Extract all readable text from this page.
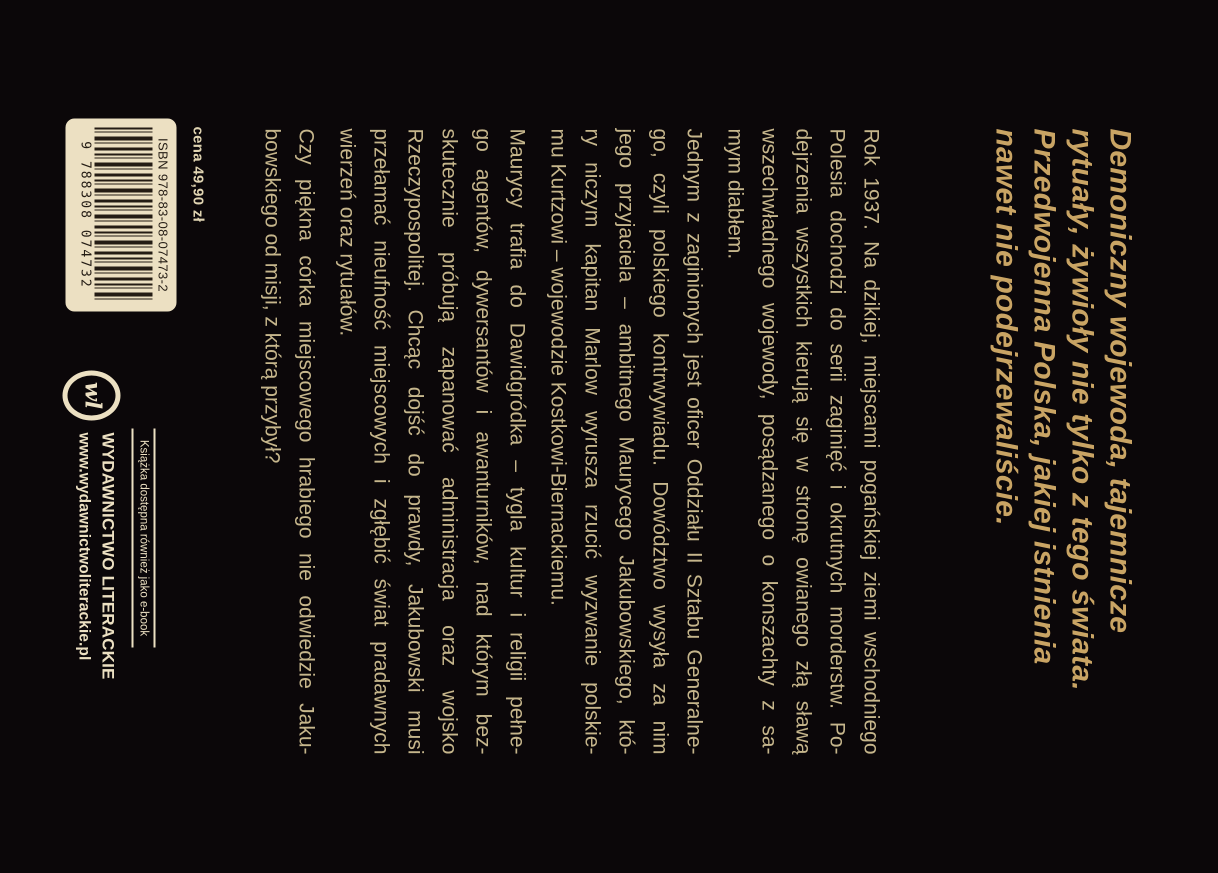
Demoniczny wojewoda, tajemnicze
rytuały, żywioły nie tylko z tego świata.
Przedwojenna Polska, jakiej istnienia
nawet nie podejrzewaliście.

Rok 1937. Na dzikiej, miejscami pogańskiej ziemi wschodniego
Polesia dochodzi do serii zaginięć i okrutnych morderstw. Po-
dejrzenia wszystkich kierują się w stronę owianego złą sławą
wszechwładnego wojewody, posądzanego o konszachty z sa-
mym diabłem.

Jednym z zaginionych jest oficer Oddziału II Sztabu Generalne-
go, czyli polskiego kontrwywiadu. Dowództwo wysyła za nim
jego przyjaciela – ambitnego Maurycego Jakubowskiego, któ-
ry niczym kapitan Marlow wyrusza rzucić wyzwanie polskie-
mu Kurtzowi – wojewodzie Kostkowi-Biernackiemu.

Maurycy trafia do Dawidgródka – tygla kultur i religii pełne-
go agentów, dywersantów i awanturników, nad którym bez-
skutecznie próbują zapanować administracja oraz wojsko
Rzeczypospolitej. Chcąc dojść do prawdy, Jakubowski musi
przełamać nieufność miejscowych i zgłębić świat pradawnych
wierzeń oraz rytuałów.

Czy piękna córka miejscowego hrabiego nie odwiedzie Jaku-
bowskiego od misji, z którą przybył?

cena 49,90 zł
ISBN 978-83-08-07473-2
9 788308 074732
Książka dostępna również jako e-book
wl
WYDAWNICTWO LITERACKIE
www.wydawnictwoliterackie.pl
